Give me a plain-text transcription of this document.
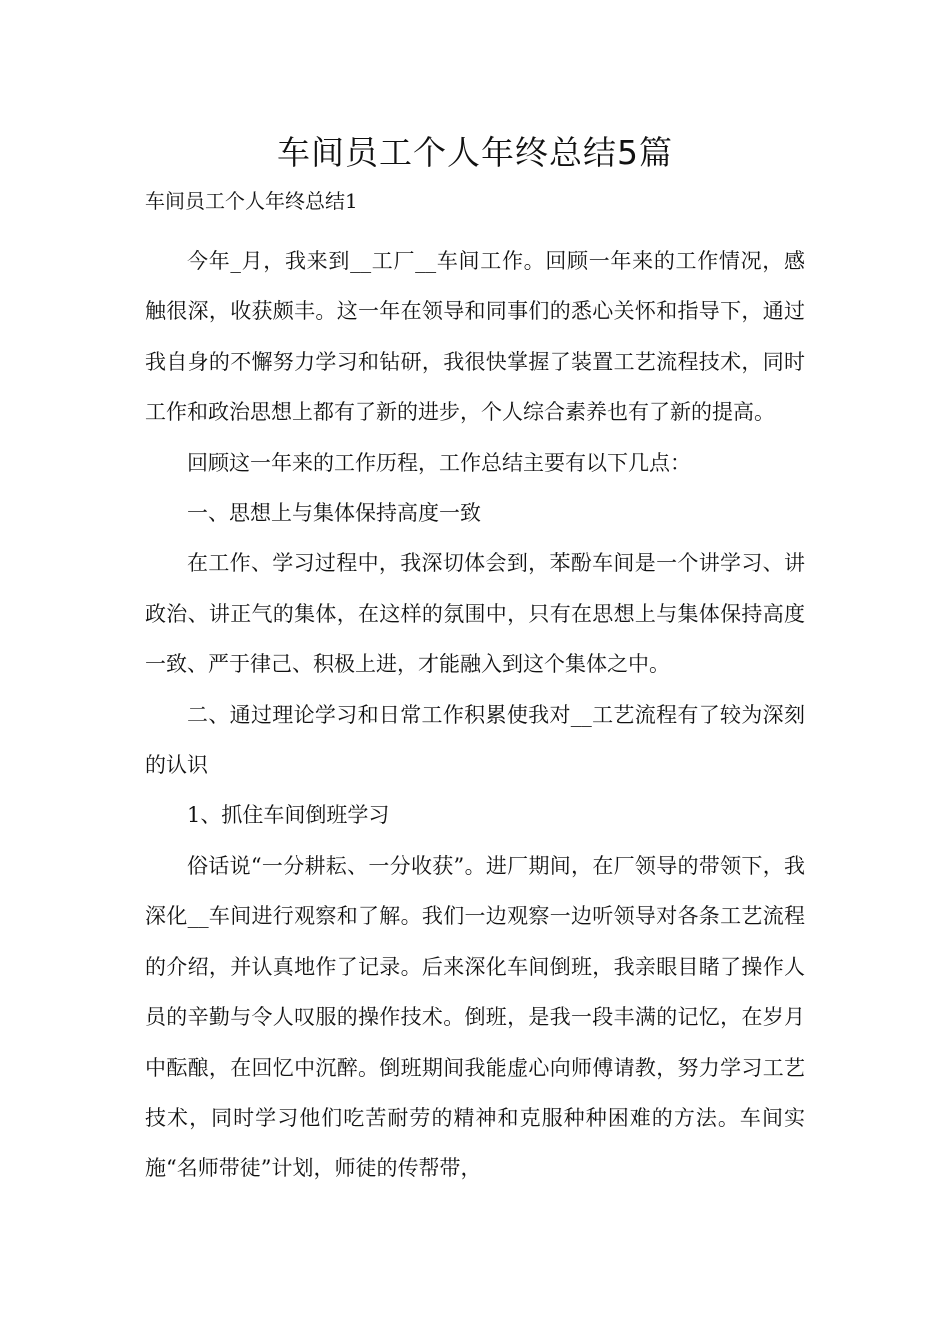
车间员工个人年终总结5篇

车间员工个人年终总结1

今年_月，我来到__工厂__车间工作。回顾一年来的工作情况，感触很深，收获颇丰。这一年在领导和同事们的悉心关怀和指导下，通过我自身的不懈努力学习和钻研，我很快掌握了装置工艺流程技术，同时工作和政治思想上都有了新的进步，个人综合素养也有了新的提高。

回顾这一年来的工作历程，工作总结主要有以下几点：

一、思想上与集体保持高度一致

在工作、学习过程中，我深切体会到，苯酚车间是一个讲学习、讲政治、讲正气的集体，在这样的氛围中，只有在思想上与集体保持高度一致、严于律己、积极上进，才能融入到这个集体之中。

二、通过理论学习和日常工作积累使我对__工艺流程有了较为深刻的认识

1、抓住车间倒班学习

俗话说“一分耕耘、一分收获”。进厂期间，在厂领导的带领下，我深化__车间进行观察和了解。我们一边观察一边听领导对各条工艺流程的介绍，并认真地作了记录。后来深化车间倒班，我亲眼目睹了操作人员的辛勤与令人叹服的操作技术。倒班，是我一段丰满的记忆，在岁月中酝酿，在回忆中沉醉。倒班期间我能虚心向师傅请教，努力学习工艺技术，同时学习他们吃苦耐劳的精神和克服种种困难的方法。车间实施“名师带徒”计划，师徒的传帮带，
